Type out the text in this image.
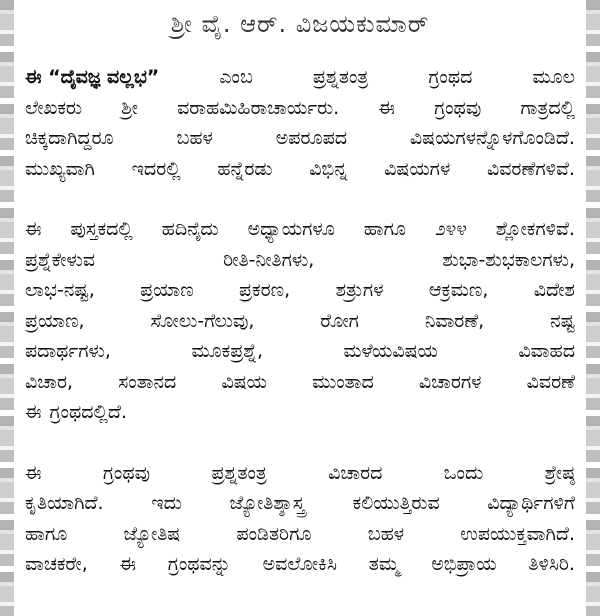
ಶ್ರೀ ವೈ. ಆರ್. ವಿಜಯಕುಮಾರ್
ಈ “ದೈವಜ್ಞ ವಲ್ಲಭ”	ಎಂಬ	ಪ್ರಶ್ನತಂತ್ರ	ಗ್ರಂಥದ	ಮೂಲ
ಲೇಖಕರು ಶ್ರೀ ವರಾಹಮಿಹಿರಾಚಾರ್ಯರು. ಈ ಗ್ರಂಥವು ಗಾತ್ರದಲ್ಲಿ
ಚಿಕ್ಕದಾಗಿದ್ದರೂ	ಬಹಳ	ಅಪರೂಪದ	ವಿಷಯಗಳನ್ನೊಳಗೊಂಡಿದೆ.
ಮುಖ್ಯವಾಗಿ ಇದರಲ್ಲಿ ಹನ್ನೆರಡು ವಿಭಿನ್ನ ವಿಷಯಗಳ ವಿವರಣೆಗಳಿವೆ.
ಈ ಪುಸ್ತಕದಲ್ಲಿ ಹದಿನೈದು ಅಧ್ಯಾಯಗಳೂ ಹಾಗೂ ೨೪೪ ಶ್ಲೋಕಗಳಿವೆ.
ಪ್ರಶ್ನೆಕೇಳುವ	ರೀತಿ-ನೀತಿಗಳು,	ಶುಭಾ-ಶುಭಕಾಲಗಳು,
ಲಾಭ-ನಷ್ಟ, ಪ್ರಯಾಣ ಪ್ರಕರಣ, ಶತ್ರುಗಳ ಆಕ್ರಮಣ, ವಿದೇಶ
ಪ್ರಯಾಣ,	ಸೋಲು-ಗೆಲುವು,	ರೋಗ	ನಿವಾರಣೆ,	ನಷ್ಟ
ಪದಾರ್ಥಗಳು,	ಮೂಕಪ್ರಶ್ನೆ,	ಮಳೆಯವಿಷಯ	ವಿವಾಹದ
ವಿಚಾರ, ಸಂತಾನದ ವಿಷಯ ಮುಂತಾದ ವಿಚಾರಗಳ ವಿವರಣೆ
ಈ ಗ್ರಂಥದಲ್ಲಿದೆ.
ಈ	ಗ್ರಂಥವು	ಪ್ರಶ್ನತಂತ್ರ	ವಿಚಾರದ	ಒಂದು	ಶ್ರೇಷ್ಠ
ಕೃತಿಯಾಗಿದೆ.	ಇದು	ಜ್ಯೋತಿಶ್ಶಾಸ್ತ್ರ	ಕಲಿಯುತ್ತಿರುವ	ವಿದ್ಯಾರ್ಥಿಗಳಿಗೆ
ಹಾಗೂ	ಜ್ಯೋತಿಷ	ಪಂಡಿತರಿಗೂ	ಬಹಳ	ಉಪಯುಕ್ತವಾಗಿದೆ.
ವಾಚಕರೇ, ಈ ಗ್ರಂಥವನ್ನು ಅವಲೋಕಿಸಿ ತಮ್ಮ ಅಭಿಪ್ರಾಯ ತಿಳಿಸಿರಿ.
